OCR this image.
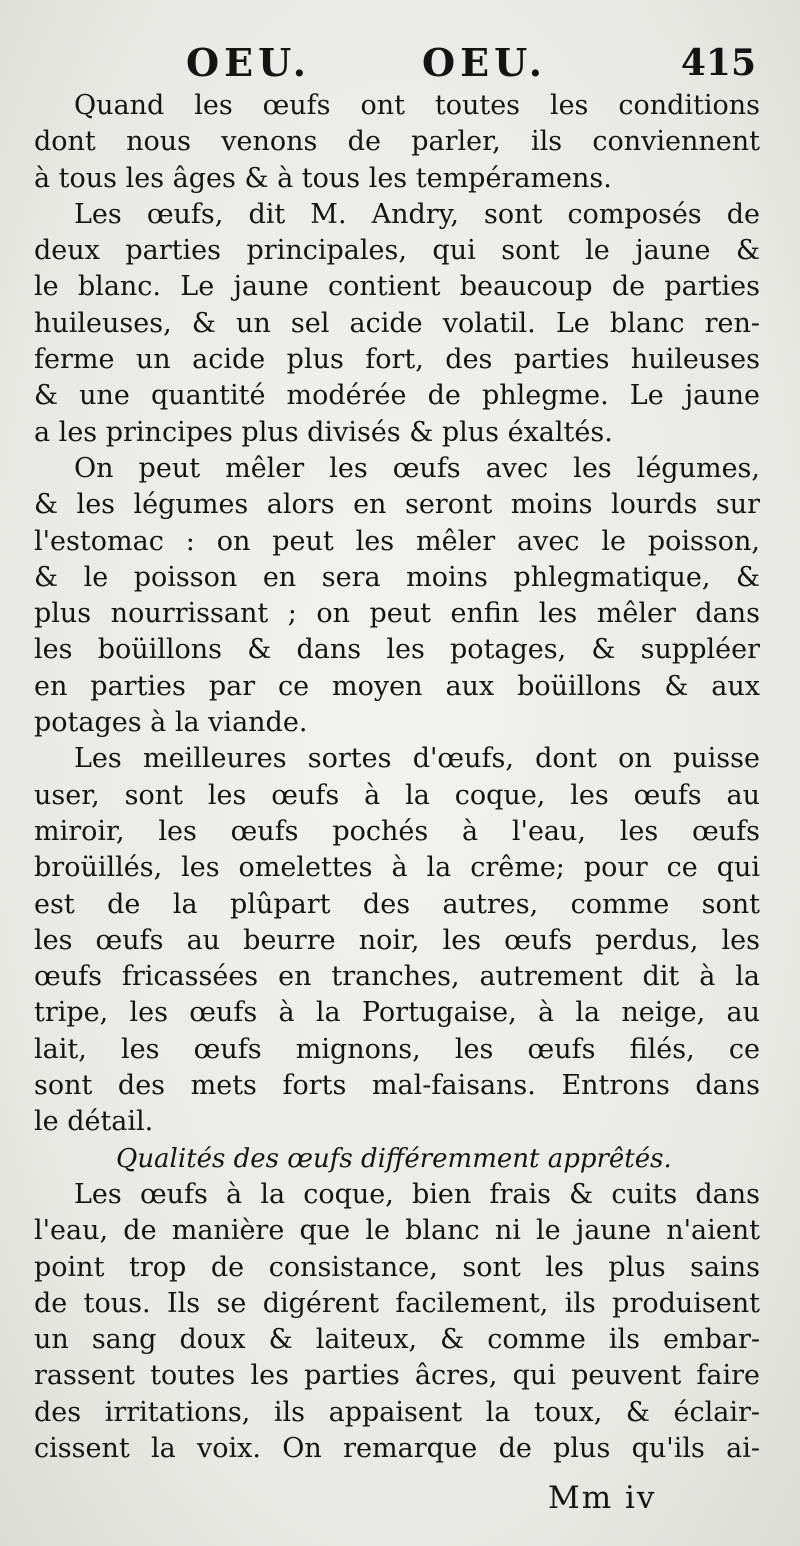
OEU.	OEU.	415
Quand les œufs ont toutes les conditions
dont nous venons de parler, ils conviennent
à tous les âges & à tous les tempéramens.
Les œufs, dit M. Andry, sont composés de
deux parties principales, qui sont le jaune &
le blanc. Le jaune contient beaucoup de parties
huileuses, & un sel acide volatil. Le blanc ren-
ferme un acide plus fort, des parties huileuses
& une quantité modérée de phlegme. Le jaune
a les principes plus divisés & plus éxaltés.
On peut mêler les œufs avec les légumes,
& les légumes alors en seront moins lourds sur
l'estomac : on peut les mêler avec le poisson,
& le poisson en sera moins phlegmatique, &
plus nourrissant ; on peut enfin les mêler dans
les boüillons & dans les potages, & suppléer
en parties par ce moyen aux boüillons & aux
potages à la viande.
Les meilleures sortes d'œufs, dont on puisse
user, sont les œufs à la coque, les œufs au
miroir, les œufs pochés à l'eau, les œufs
broüillés, les omelettes à la crême; pour ce qui
est de la plûpart des autres, comme sont
les œufs au beurre noir, les œufs perdus, les
œufs fricassées en tranches, autrement dit à la
tripe, les œufs à la Portugaise, à la neige, au
lait, les œufs mignons, les œufs filés, ce
sont des mets forts mal-faisans. Entrons dans
le détail.
Qualités des œufs différemment apprêtés.
Les œufs à la coque, bien frais & cuits dans
l'eau, de manière que le blanc ni le jaune n'aient
point trop de consistance, sont les plus sains
de tous. Ils se digérent facilement, ils produisent
un sang doux & laiteux, & comme ils embar-
rassent toutes les parties âcres, qui peuvent faire
des irritations, ils appaisent la toux, & éclair-
cissent la voix. On remarque de plus qu'ils ai-
Mm iv
